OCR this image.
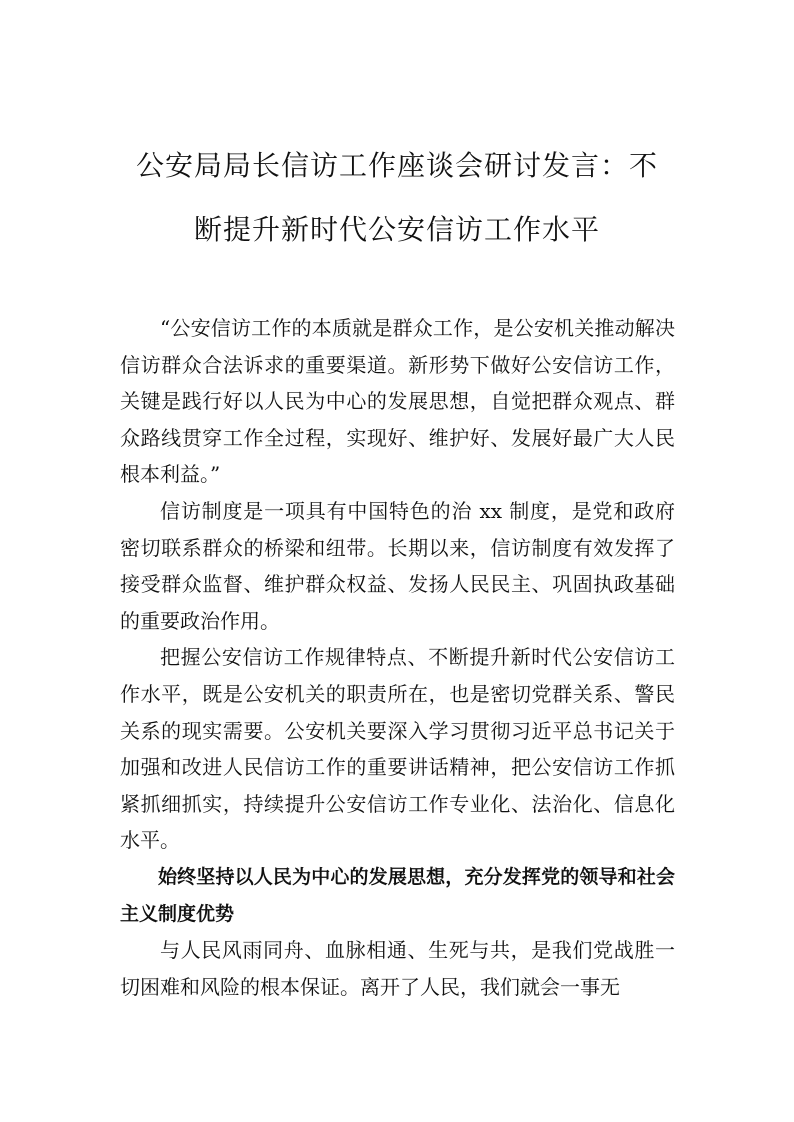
公安局局长信访工作座谈会研讨发言：不
断提升新时代公安信访工作水平

“公安信访工作的本质就是群众工作，是公安机关推动解决信访群众合法诉求的重要渠道。新形势下做好公安信访工作，关键是践行好以人民为中心的发展思想，自觉把群众观点、群众路线贯穿工作全过程，实现好、维护好、发展好最广大人民根本利益。”

信访制度是一项具有中国特色的治 xx 制度，是党和政府密切联系群众的桥梁和纽带。长期以来，信访制度有效发挥了接受群众监督、维护群众权益、发扬人民民主、巩固执政基础的重要政治作用。

把握公安信访工作规律特点、不断提升新时代公安信访工作水平，既是公安机关的职责所在，也是密切党群关系、警民关系的现实需要。公安机关要深入学习贯彻习近平总书记关于加强和改进人民信访工作的重要讲话精神，把公安信访工作抓紧抓细抓实，持续提升公安信访工作专业化、法治化、信息化水平。

始终坚持以人民为中心的发展思想，充分发挥党的领导和社会主义制度优势

与人民风雨同舟、血脉相通、生死与共，是我们党战胜一切困难和风险的根本保证。离开了人民，我们就会一事无
